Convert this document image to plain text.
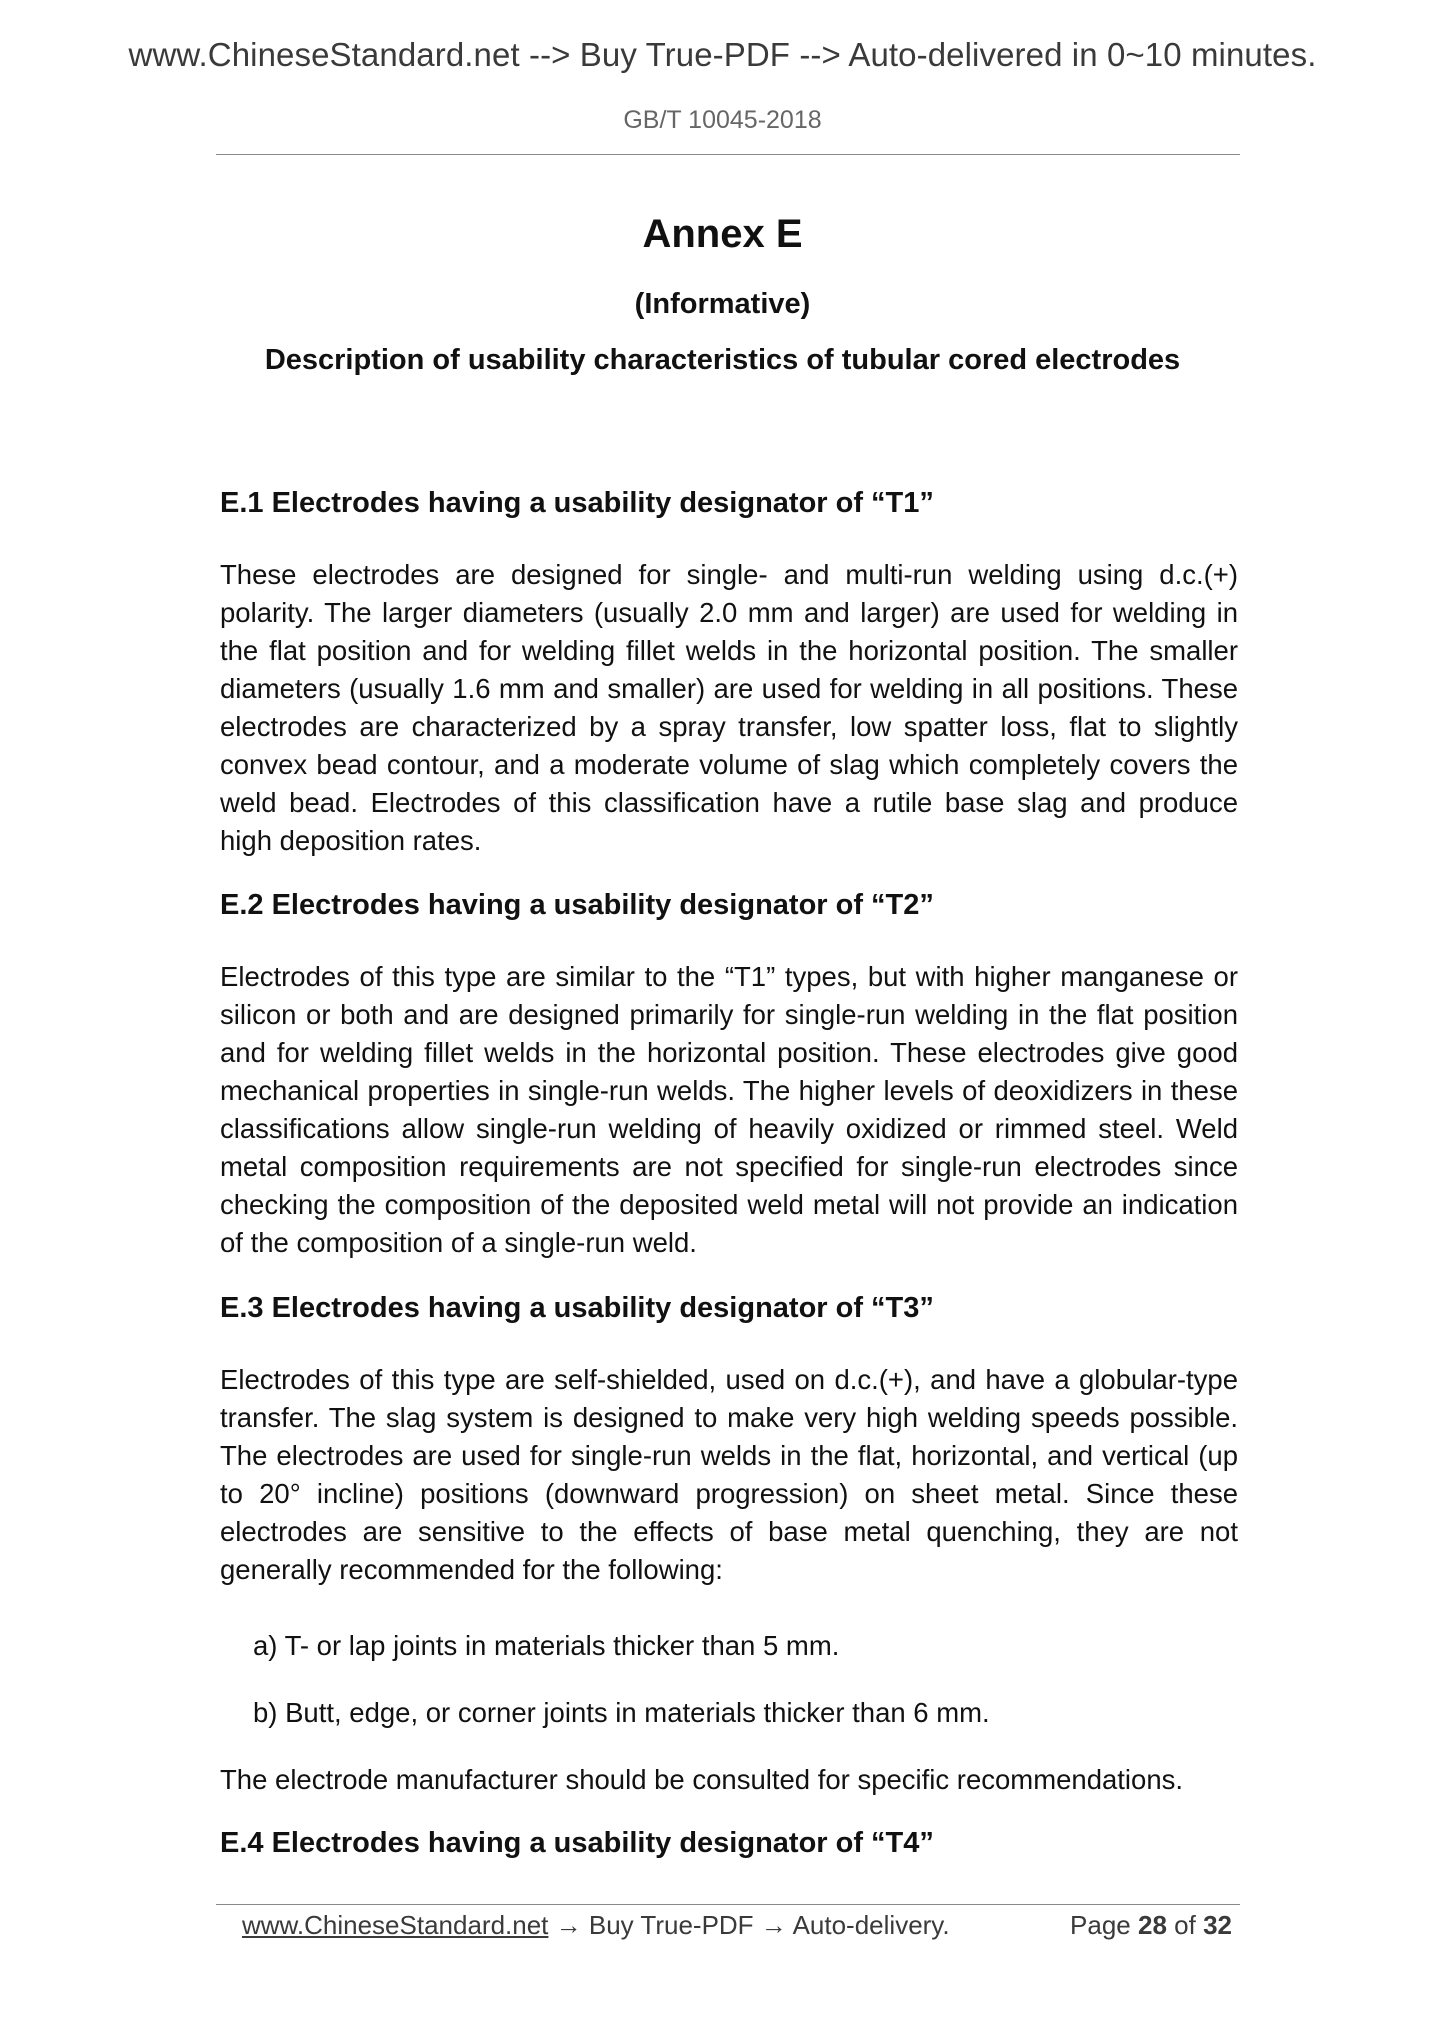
www.ChineseStandard.net --> Buy True-PDF --> Auto-delivered in 0~10 minutes.
GB/T 10045-2018
Annex E
(Informative)
Description of usability characteristics of tubular cored electrodes
E.1 Electrodes having a usability designator of “T1”

These electrodes are designed for single- and multi-run welding using d.c.(+) polarity. The larger diameters (usually 2.0 mm and larger) are used for welding in the flat position and for welding fillet welds in the horizontal position. The smaller diameters (usually 1.6 mm and smaller) are used for welding in all positions. These electrodes are characterized by a spray transfer, low spatter loss, flat to slightly convex bead contour, and a moderate volume of slag which completely covers the weld bead. Electrodes of this classification have a rutile base slag and produce high deposition rates.

E.2 Electrodes having a usability designator of “T2”

Electrodes of this type are similar to the “T1” types, but with higher manganese or silicon or both and are designed primarily for single-run welding in the flat position and for welding fillet welds in the horizontal position. These electrodes give good mechanical properties in single-run welds. The higher levels of deoxidizers in these classifications allow single-run welding of heavily oxidized or rimmed steel. Weld metal composition requirements are not specified for single-run electrodes since checking the composition of the deposited weld metal will not provide an indication of the composition of a single-run weld.

E.3 Electrodes having a usability designator of “T3”

Electrodes of this type are self-shielded, used on d.c.(+), and have a globular-type transfer. The slag system is designed to make very high welding speeds possible. The electrodes are used for single-run welds in the flat, horizontal, and vertical (up to 20° incline) positions (downward progression) on sheet metal. Since these electrodes are sensitive to the effects of base metal quenching, they are not generally recommended for the following:

a) T- or lap joints in materials thicker than 5 mm.
b) Butt, edge, or corner joints in materials thicker than 6 mm.

The electrode manufacturer should be consulted for specific recommendations.

E.4 Electrodes having a usability designator of “T4”
www.ChineseStandard.net → Buy True-PDF → Auto-delivery.	Page 28 of 32
